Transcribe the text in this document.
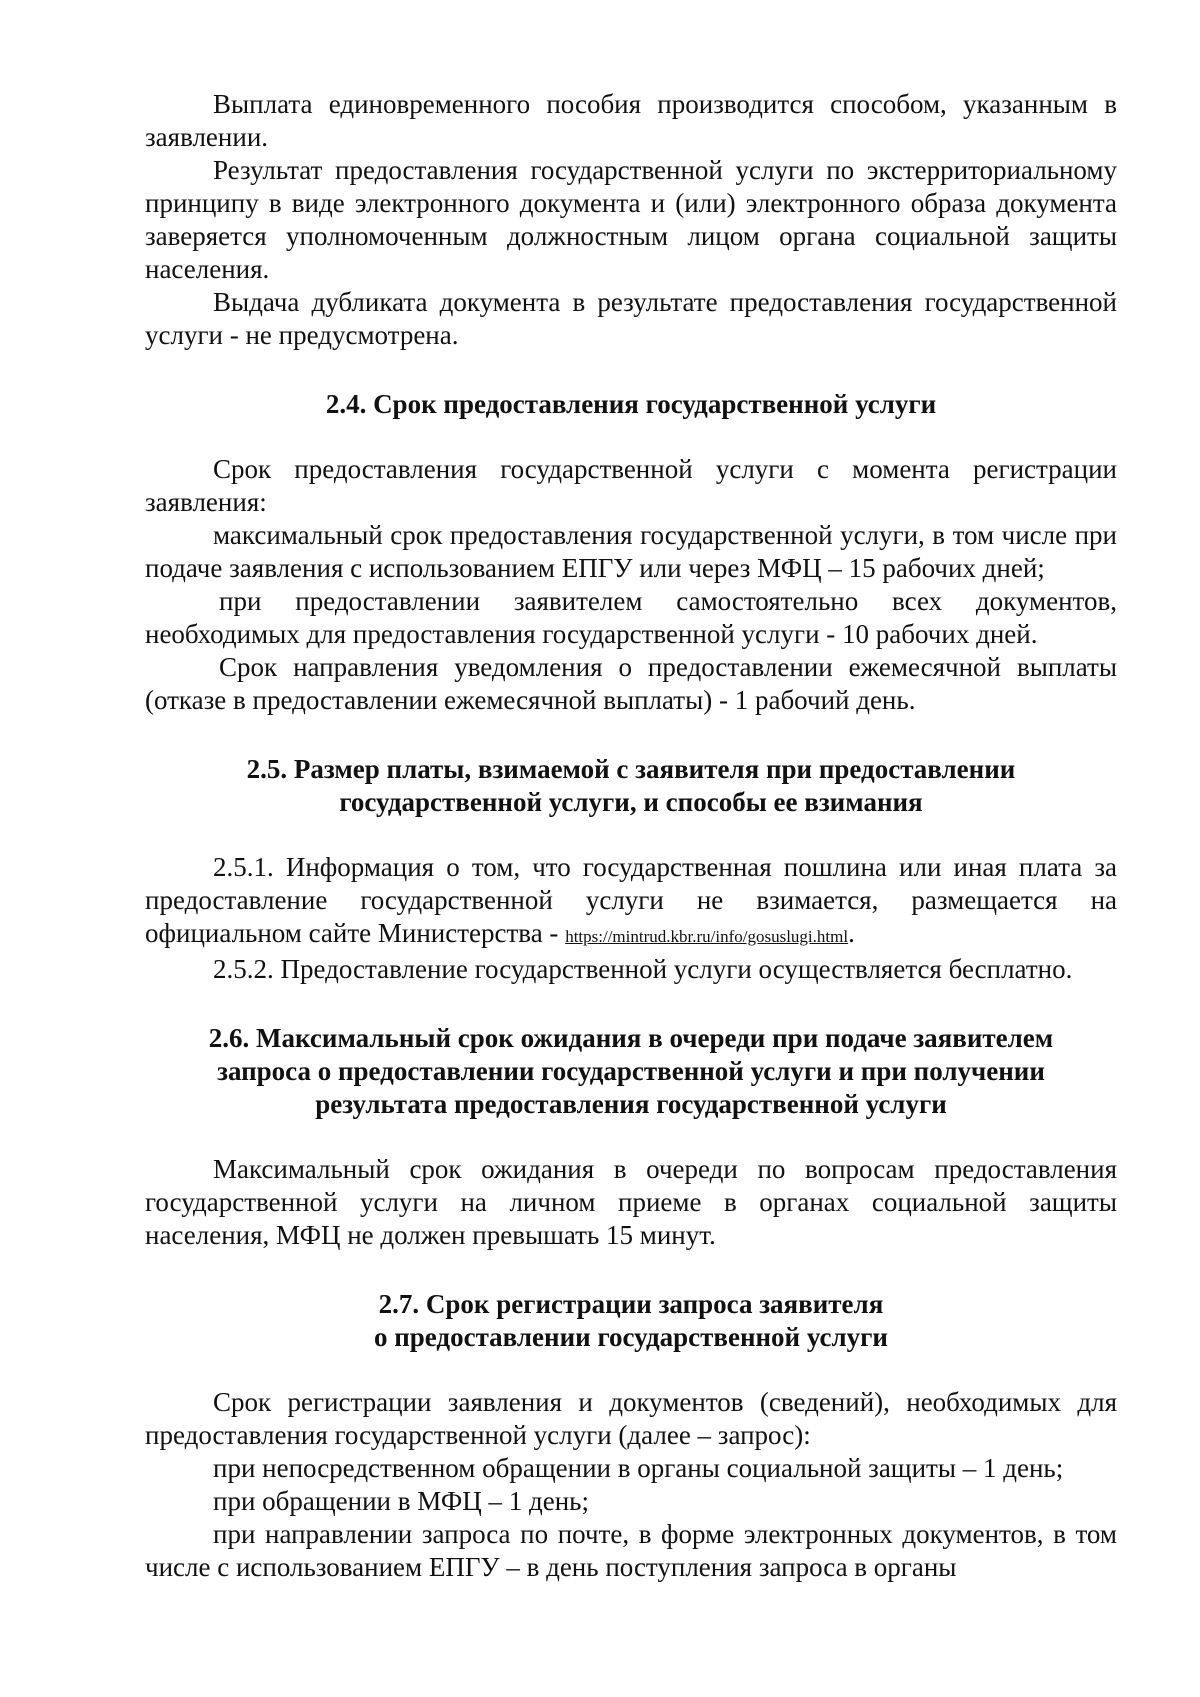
Выплата единовременного пособия производится способом, указанным в заявлении.

Результат предоставления государственной услуги по экстерриториальному принципу в виде электронного документа и (или) электронного образа документа заверяется уполномоченным должностным лицом органа социальной защиты населения.

Выдача дубликата документа в результате предоставления государственной услуги - не предусмотрена.

2.4. Срок предоставления государственной услуги

Срок предоставления государственной услуги с момента регистрации заявления:

максимальный срок предоставления государственной услуги, в том числе при подаче заявления с использованием ЕПГУ или через МФЦ – 15 рабочих дней;

при предоставлении заявителем самостоятельно всех документов, необходимых для предоставления государственной услуги - 10 рабочих дней.

Срок направления уведомления о предоставлении ежемесячной выплаты (отказе в предоставлении ежемесячной выплаты) - 1 рабочий день.

2.5. Размер платы, взимаемой с заявителя при предоставлении
государственной услуги, и способы ее взимания

2.5.1. Информация о том, что государственная пошлина или иная плата за предоставление государственной услуги не взимается, размещается на официальном сайте Министерства - https://mintrud.kbr.ru/info/gosuslugi.html.

2.5.2. Предоставление государственной услуги осуществляется бесплатно.

2.6. Максимальный срок ожидания в очереди при подаче заявителем
запроса о предоставлении государственной услуги и при получении
результата предоставления государственной услуги

Максимальный срок ожидания в очереди по вопросам предоставления государственной услуги на личном приеме в органах социальной защиты населения, МФЦ не должен превышать 15 минут.

2.7. Срок регистрации запроса заявителя
о предоставлении государственной услуги

Срок регистрации заявления и документов (сведений), необходимых для предоставления государственной услуги (далее – запрос):

при непосредственном обращении в органы социальной защиты – 1 день;

при обращении в МФЦ – 1 день;

при направлении запроса по почте, в форме электронных документов, в том числе с использованием ЕПГУ – в день поступления запроса в органы
